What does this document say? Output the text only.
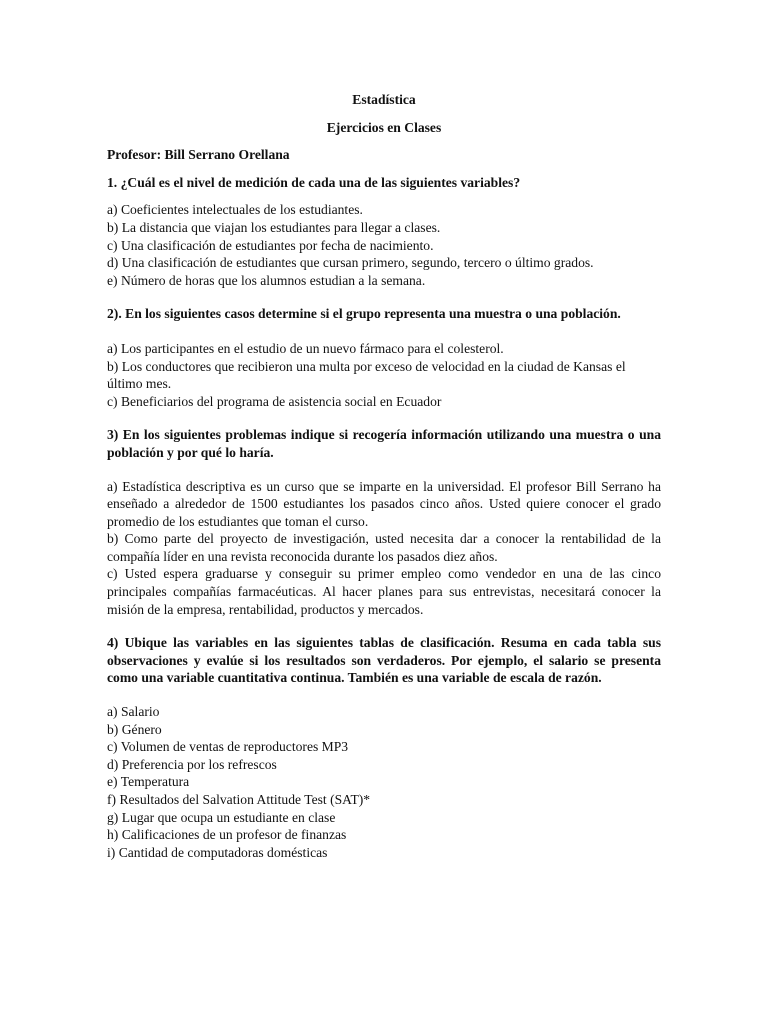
Estadística

Ejercicios en Clases

Profesor: Bill Serrano Orellana

1. ¿Cuál es el nivel de medición de cada una de las siguientes variables?

a) Coeficientes intelectuales de los estudiantes.
b) La distancia que viajan los estudiantes para llegar a clases.
c) Una clasificación de estudiantes por fecha de nacimiento.
d) Una clasificación de estudiantes que cursan primero, segundo, tercero o último grados.
e) Número de horas que los alumnos estudian a la semana.

2). En los siguientes casos determine si el grupo representa una muestra o una población.

a) Los participantes en el estudio de un nuevo fármaco para el colesterol.
b) Los conductores que recibieron una multa por exceso de velocidad en la ciudad de Kansas el último mes.
c) Beneficiarios del programa de asistencia social en Ecuador

3) En los siguientes problemas indique si recogería información utilizando una muestra o una población y por qué lo haría.

a) Estadística descriptiva es un curso que se imparte en la universidad. El profesor Bill Serrano ha enseñado a alrededor de 1500 estudiantes los pasados cinco años. Usted quiere conocer el grado promedio de los estudiantes que toman el curso.
b) Como parte del proyecto de investigación, usted necesita dar a conocer la rentabilidad de la compañía líder en una revista reconocida durante los pasados diez años.
c) Usted espera graduarse y conseguir su primer empleo como vendedor en una de las cinco principales compañías farmacéuticas. Al hacer planes para sus entrevistas, necesitará conocer la misión de la empresa, rentabilidad, productos y mercados.

4) Ubique las variables en las siguientes tablas de clasificación. Resuma en cada tabla sus observaciones y evalúe si los resultados son verdaderos. Por ejemplo, el salario se presenta como una variable cuantitativa continua. También es una variable de escala de razón.

a) Salario
b) Género
c) Volumen de ventas de reproductores MP3
d) Preferencia por los refrescos
e) Temperatura
f) Resultados del Salvation Attitude Test (SAT)*
g) Lugar que ocupa un estudiante en clase
h) Calificaciones de un profesor de finanzas
i) Cantidad de computadoras domésticas
